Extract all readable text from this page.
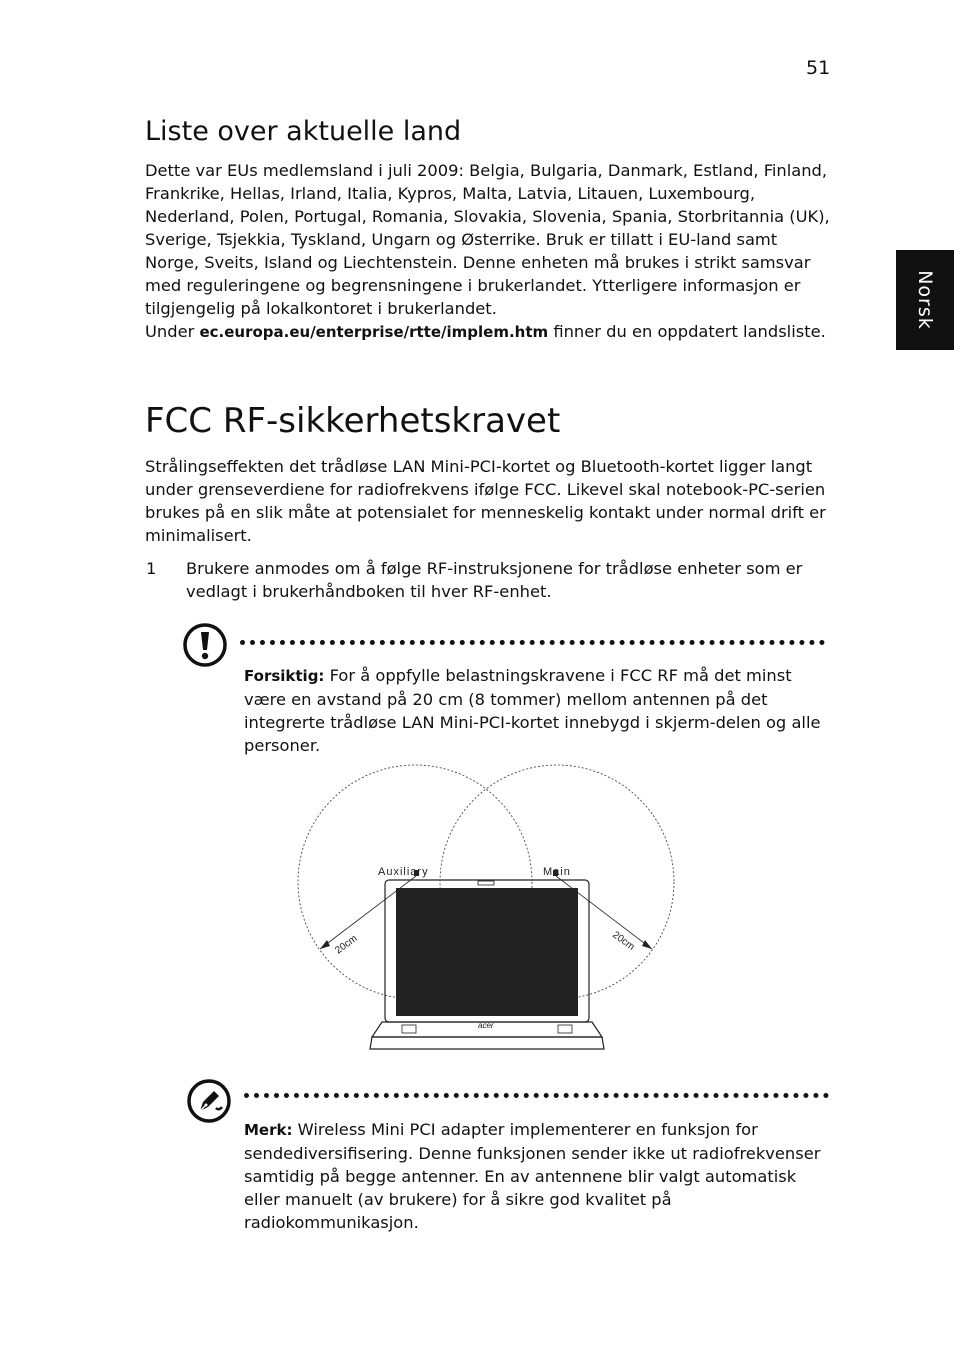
51
Norsk
Liste over aktuelle land

Dette var EUs medlemsland i juli 2009: Belgia, Bulgaria, Danmark, Estland, Finland, Frankrike, Hellas, Irland, Italia, Kypros, Malta, Latvia, Litauen, Luxembourg, Nederland, Polen, Portugal, Romania, Slovakia, Slovenia, Spania, Storbritannia (UK), Sverige, Tsjekkia, Tyskland, Ungarn og Østerrike. Bruk er tillatt i EU-land samt Norge, Sveits, Island og Liechtenstein. Denne enheten må brukes i strikt samsvar med reguleringene og begrensningene i brukerlandet. Ytterligere informasjon er tilgjengelig på lokalkontoret i brukerlandet.
Under ec.europa.eu/enterprise/rtte/implem.htm finner du en oppdatert landsliste.

FCC RF-sikkerhetskravet

Strålingseffekten det trådløse LAN Mini-PCI-kortet og Bluetooth-kortet ligger langt under grenseverdiene for radiofrekvens ifølge FCC. Likevel skal notebook-PC-serien brukes på en slik måte at potensialet for menneskelig kontakt under normal drift er minimalisert.

1 Brukere anmodes om å følge RF-instruksjonene for trådløse enheter som er vedlagt i brukerhåndboken til hver RF-enhet.

Forsiktig: For å oppfylle belastningskravene i FCC RF må det minst være en avstand på 20 cm (8 tommer) mellom antennen på det integrerte trådløse LAN Mini-PCI-kortet innebygd i skjerm-delen og alle personer.

Auxiliary	Main
20cm	20cm
acer

Merk: Wireless Mini PCI adapter implementerer en funksjon for sendediversifisering. Denne funksjonen sender ikke ut radiofrekvenser samtidig på begge antenner. En av antennene blir valgt automatisk eller manuelt (av brukere) for å sikre god kvalitet på radiokommunikasjon.
